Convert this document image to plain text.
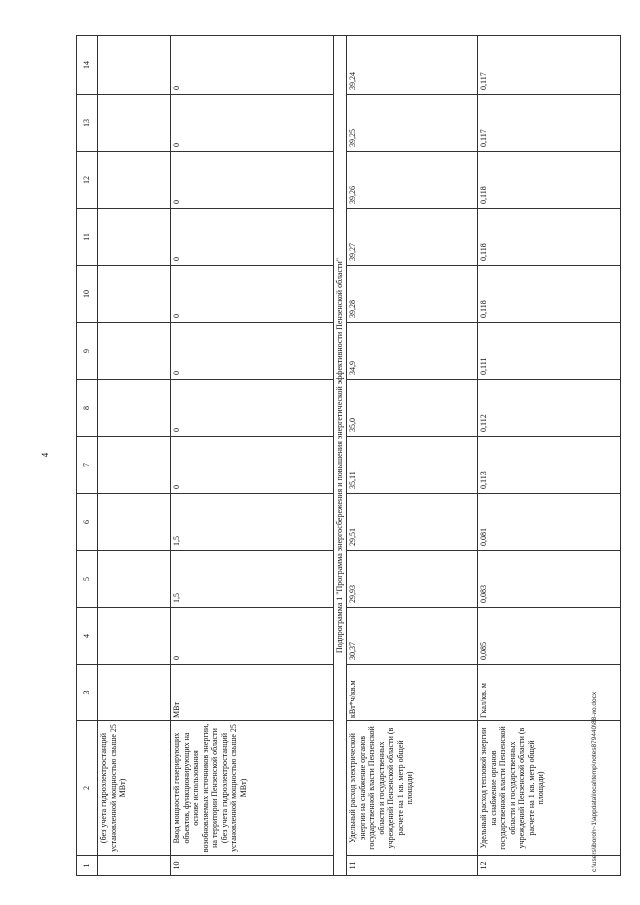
4
1	2	3	4	5	6	7	8	9	10	11	12	13	14
	(без учета гидроэлектростанций установленной мощностью свыше 25 МВт)												
10	Ввод мощностей генерирующих объектов, функционирующих на основе использования возобновляемых источников энергии, на территории Пензенской области (без учета гидроэлектростанций установленной мощностью свыше 25 МВт)	МВт	0	1,5	1,5	0	0	0	0	0	0	0	0
Подпрограмма 1 "Программа энергосбережения и повышения энергетической эффективности Пензенской области"													
11	Удельный расход электрической энергии на снабжение органов государственной власти Пензенской области и государственных учреждений Пензенской области (в расчете на 1 кв. метр общей площади)	кВт*ч/кв.м	30,37	29,93	29,51	35,11	35,0	34,9	39,28	39,27	39,26	39,25	39,24
12	Удельный расход тепловой энергии на снабжение органов государственной власти Пензенской области и государственных учреждений Пензенской области (в расчете на 1 кв. метр общей площади)	Гкал/кв. м	0,085	0,083	0,081	0,113	0,112	0,111	0,118	0,118	0,118	0,117	0,117
c:\users\iboroh~1\appdata\local\temp\notes879440\88-ио.docx
